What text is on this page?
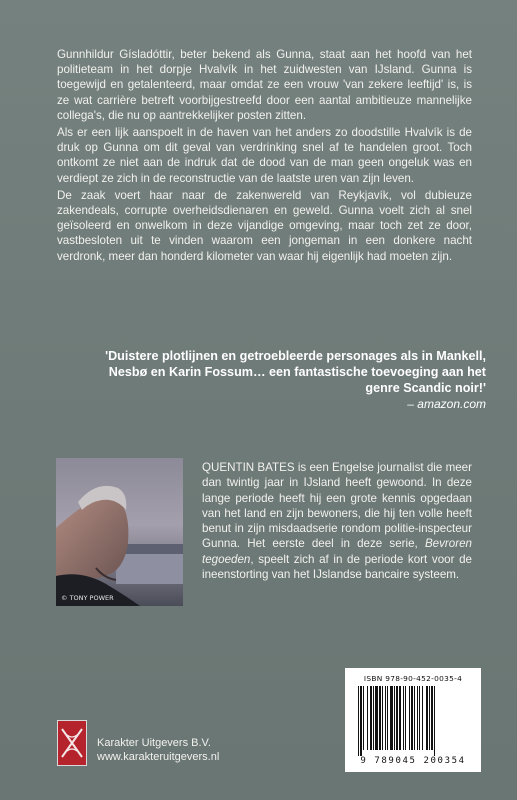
Gunnhildur Gísladóttir, beter bekend als Gunna, staat aan het hoofd van het politieteam in het dorpje Hvalvík in het zuidwesten van IJsland. Gunna is toegewijd en getalenteerd, maar omdat ze een vrouw 'van zekere leeftijd' is, is ze wat carrière betreft voorbijgestreefd door een aantal ambitieuze mannelijke collega's, die nu op aantrekkelijker posten zitten.

Als er een lijk aanspoelt in de haven van het anders zo doodstille Hvalvík is de druk op Gunna om dit geval van verdrinking snel af te handelen groot. Toch ontkomt ze niet aan de indruk dat de dood van de man geen ongeluk was en verdiept ze zich in de reconstructie van de laatste uren van zijn leven.

De zaak voert haar naar de zakenwereld van Reykjavík, vol dubieuze zakendeals, corrupte overheidsdienaren en geweld. Gunna voelt zich al snel geïsoleerd en onwelkom in deze vijandige omgeving, maar toch zet ze door, vastbesloten uit te vinden waarom een jongeman in een donkere nacht verdronk, meer dan honderd kilometer van waar hij eigenlijk had moeten zijn.

'Duistere plotlijnen en getroebleerde personages als in Mankell, Nesbø en Karin Fossum… een fantastische toevoeging aan het genre Scandic noir!'
– amazon.com
© TONY POWER
QUENTIN BATES is een Engelse journalist die meer dan twintig jaar in IJsland heeft gewoond. In deze lange periode heeft hij een grote kennis opgedaan van het land en zijn bewoners, die hij ten volle heeft benut in zijn misdaadserie rondom politie-inspecteur Gunna. Het eerste deel in deze serie, Bevroren tegoeden, speelt zich af in de periode kort voor de ineenstorting van het IJslandse bancaire systeem.
ISBN 978-90-452-0035-4
9 789045 200354
Karakter Uitgevers B.V.
www.karakteruitgevers.nl
